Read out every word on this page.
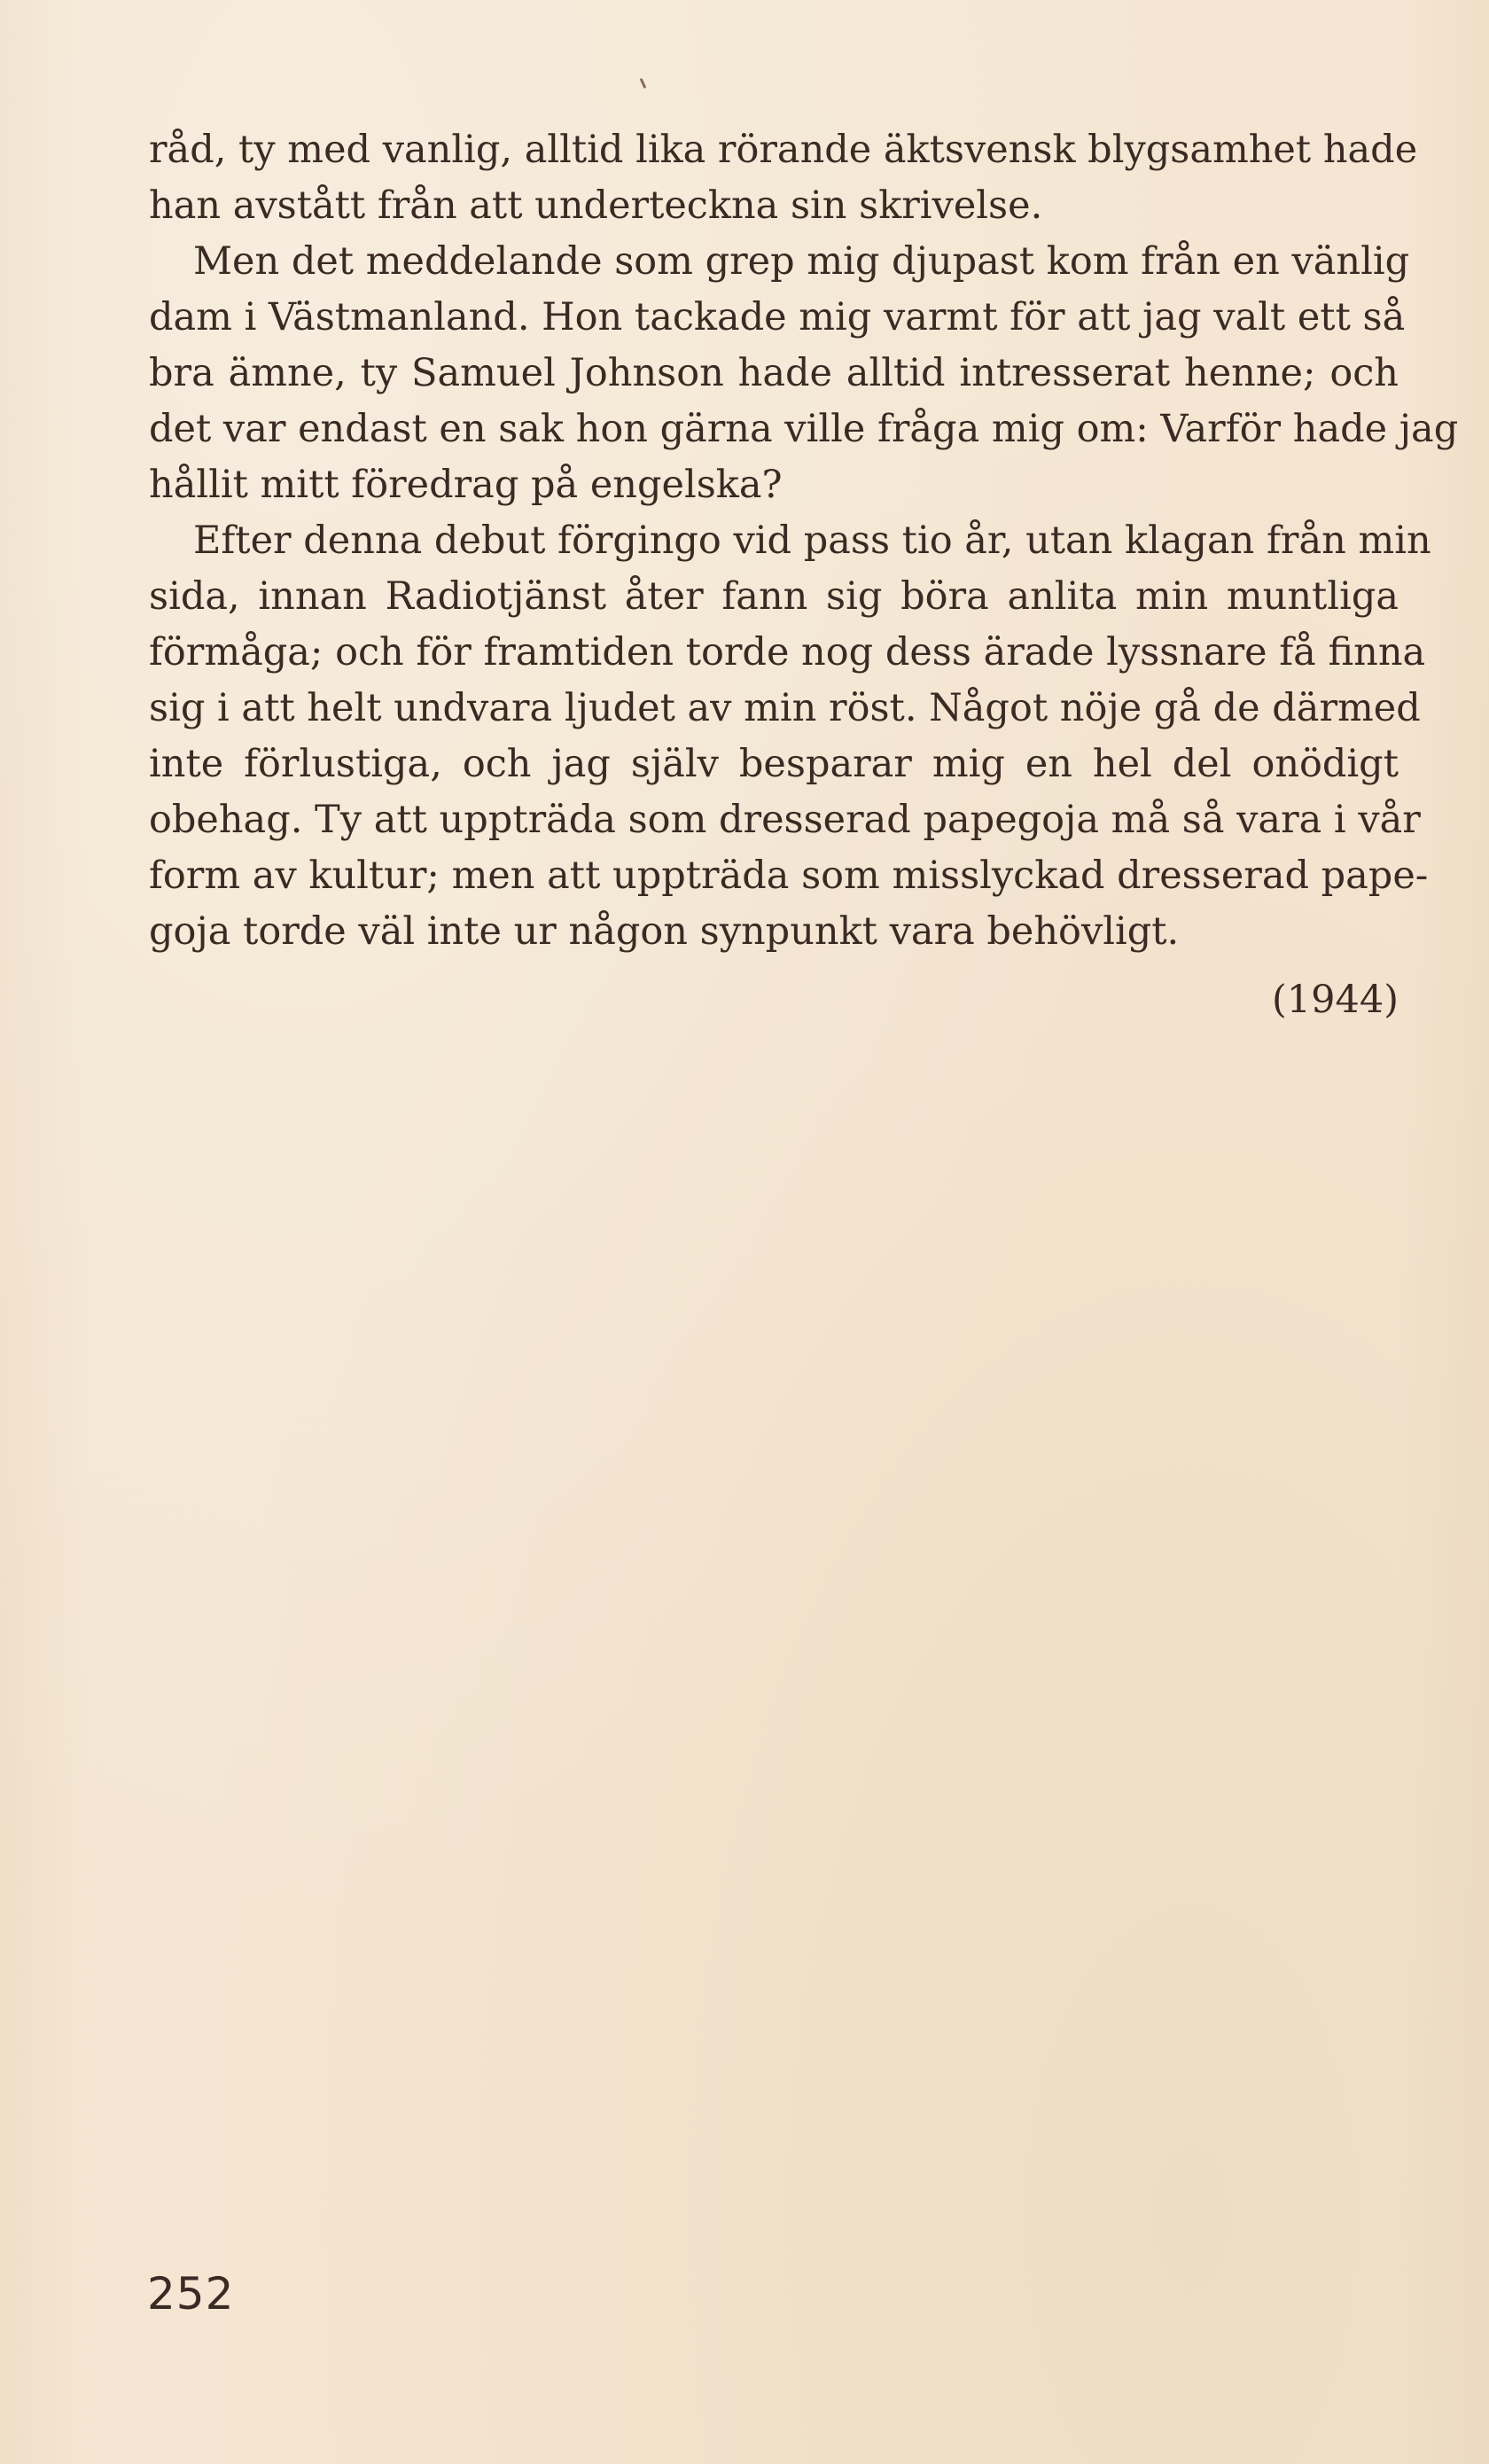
råd, ty med vanlig, alltid lika rörande äktsvensk blygsamhet hade
han avstått från att underteckna sin skrivelse.
Men det meddelande som grep mig djupast kom från en vänlig
dam i Västmanland. Hon tackade mig varmt för att jag valt ett så
bra ämne, ty Samuel Johnson hade alltid intresserat henne; och
det var endast en sak hon gärna ville fråga mig om: Varför hade jag
hållit mitt föredrag på engelska?
Efter denna debut förgingo vid pass tio år, utan klagan från min
sida, innan Radiotjänst åter fann sig böra anlita min muntliga
förmåga; och för framtiden torde nog dess ärade lyssnare få finna
sig i att helt undvara ljudet av min röst. Något nöje gå de därmed
inte förlustiga, och jag själv besparar mig en hel del onödigt
obehag. Ty att uppträda som dresserad papegoja må så vara i vår
form av kultur; men att uppträda som misslyckad dresserad pape-
goja torde väl inte ur någon synpunkt vara behövligt.
(1944)
252
